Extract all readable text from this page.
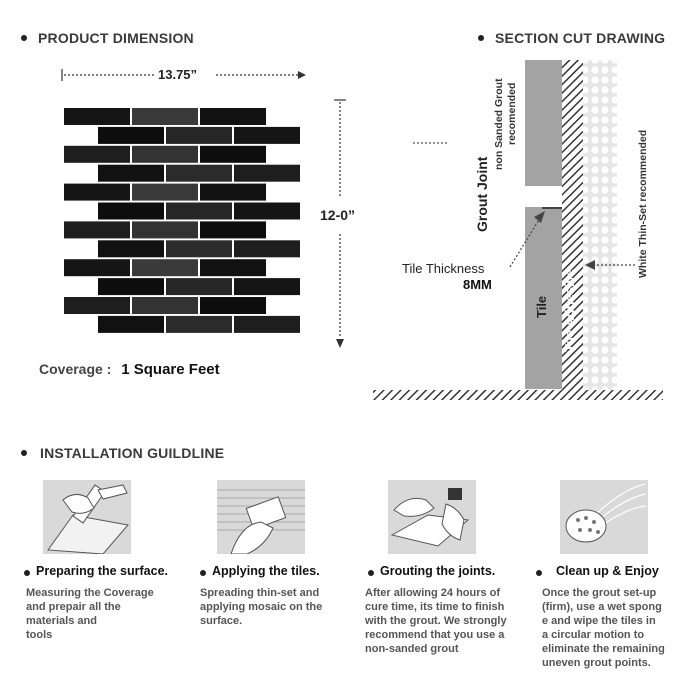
PRODUCT DIMENSION
13.75”
12-0”
Coverage : 1 Square Feet
SECTION CUT DRAWING
Grout Joint
non Sanded Grout recomended
Tile Tile Adhesive
White Thin-Set recommended
Tile Thickness
8MM
INSTALLATION GUILDLINE
Preparing the surface.
Measuring the Coverage
and prepair all the
materials and
tools
Applying the tiles.
Spreading thin-set and
applying mosaic on the
surface.
Grouting the joints.
After allowing 24 hours of
cure time, its time to finish
with the grout. We strongly
recommend that you use a
non-sanded grout
Clean up & Enjoy
Once the grout set-up
(firm), use a wet spong
e and wipe the tiles in
a circular motion to
eliminate the remaining
uneven grout points.
